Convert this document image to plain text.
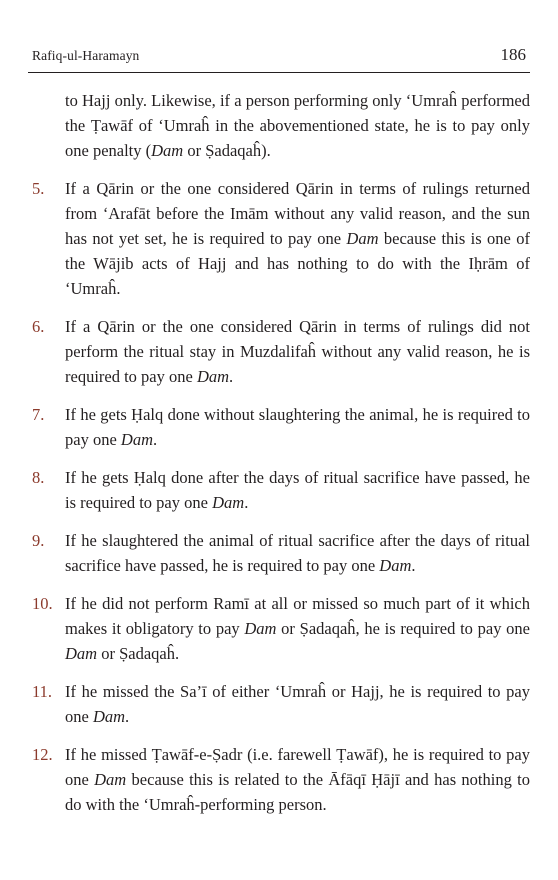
Rafiq-ul-Haramayn	186

to Hajj only. Likewise, if a person performing only ‘Umraĥ performed the Ṭawāf of ‘Umraĥ in the abovementioned state, he is to pay only one penalty (Dam or Ṣadaqaĥ).

5.	If a Qārin or the one considered Qārin in terms of rulings returned from ‘Arafāt before the Imām without any valid reason, and the sun has not yet set, he is required to pay one Dam because this is one of the Wājib acts of Hajj and has nothing to do with the Iḥrām of ‘Umraĥ.
6.	If a Qārin or the one considered Qārin in terms of rulings did not perform the ritual stay in Muzdalifaĥ without any valid reason, he is required to pay one Dam.
7.	If he gets Ḥalq done without slaughtering the animal, he is required to pay one Dam.
8.	If he gets Ḥalq done after the days of ritual sacrifice have passed, he is required to pay one Dam.
9.	If he slaughtered the animal of ritual sacrifice after the days of ritual sacrifice have passed, he is required to pay one Dam.
10. If he did not perform Ramī at all or missed so much part of it which makes it obligatory to pay Dam or Ṣadaqaĥ, he is required to pay one Dam or Ṣadaqaĥ.
11. If he missed the Sa’ī of either ‘Umraĥ or Hajj, he is required to pay one Dam.
12. If he missed Ṭawāf-e-Ṣadr (i.e. farewell Ṭawāf), he is required to pay one Dam because this is related to the Āfāqī Ḥājī and has nothing to do with the ‘Umraĥ-performing person.
